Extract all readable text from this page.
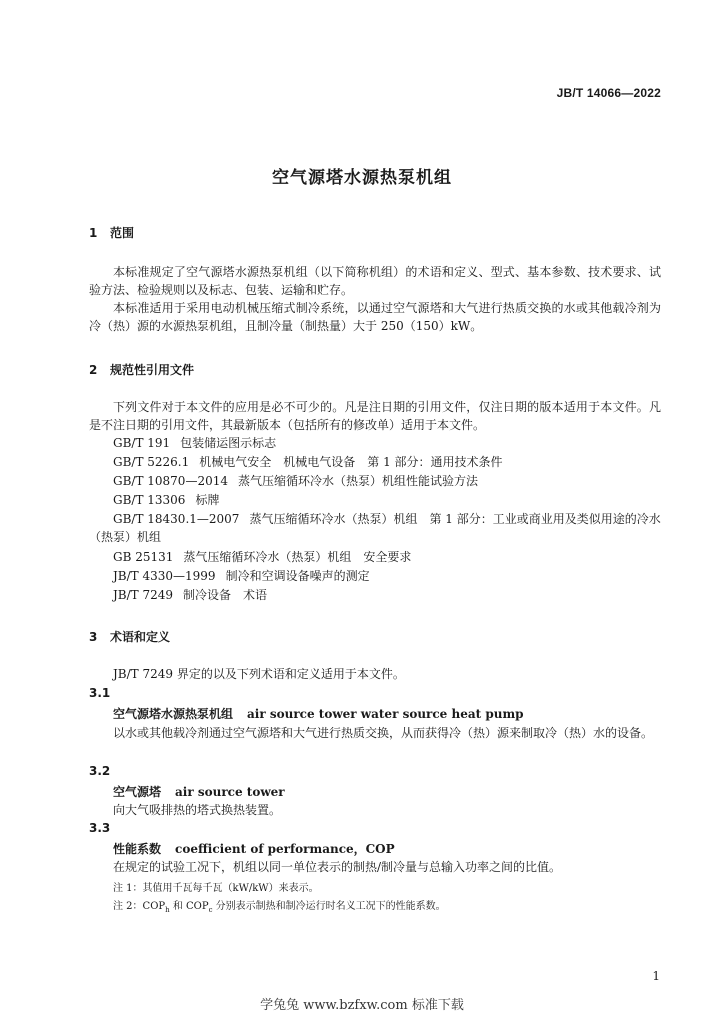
JB/T 14066—2022
空气源塔水源热泵机组
1 范围
本标准规定了空气源塔水源热泵机组（以下简称机组）的术语和定义、型式、基本参数、技术要求、试验方法、检验规则以及标志、包装、运输和贮存。
本标准适用于采用电动机械压缩式制冷系统，以通过空气源塔和大气进行热质交换的水或其他载冷剂为冷（热）源的水源热泵机组，且制冷量（制热量）大于 250（150）kW。
2 规范性引用文件
下列文件对于本文件的应用是必不可少的。凡是注日期的引用文件，仅注日期的版本适用于本文件。凡是不注日期的引用文件，其最新版本（包括所有的修改单）适用于本文件。
GB/T 191 包装储运图示标志
GB/T 5226.1 机械电气安全　机械电气设备　第 1 部分：通用技术条件
GB/T 10870—2014 蒸气压缩循环冷水（热泵）机组性能试验方法
GB/T 13306 标牌
GB/T 18430.1—2007 蒸气压缩循环冷水（热泵）机组　第 1 部分：工业或商业用及类似用途的冷水（热泵）机组
GB 25131 蒸气压缩循环冷水（热泵）机组　安全要求
JB/T 4330—1999 制冷和空调设备噪声的测定
JB/T 7249 制冷设备　术语
3 术语和定义
JB/T 7249 界定的以及下列术语和定义适用于本文件。
3.1
空气源塔水源热泵机组 air source tower water source heat pump
以水或其他载冷剂通过空气源塔和大气进行热质交换，从而获得冷（热）源来制取冷（热）水的设备。
3.2
空气源塔 air source tower
向大气吸排热的塔式换热装置。
3.3
性能系数 coefficient of performance，COP
在规定的试验工况下，机组以同一单位表示的制热/制冷量与总输入功率之间的比值。
注 1：其值用千瓦每千瓦（kW/kW）来表示。
注 2：$COP_h$ 和 $COP_c$ 分别表示制热和制冷运行时名义工况下的性能系数。
1
学兔兔 www.bzfxw.com 标准下载
